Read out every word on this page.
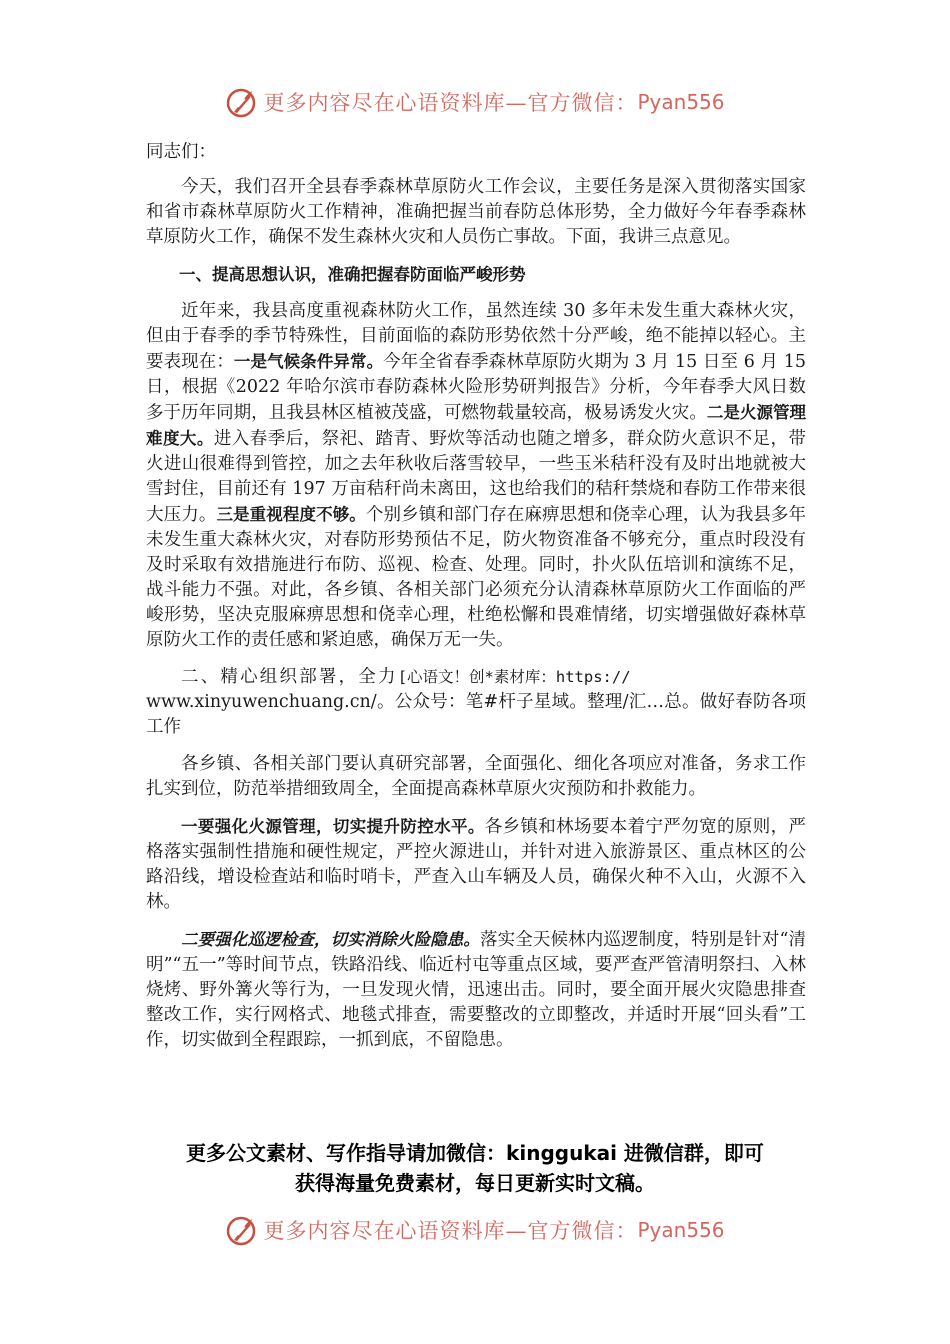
更多内容尽在心语资料库—官方微信： Pyan556

同志们：

今天，我们召开全县春季森林草原防火工作会议，主要任务是深入贯彻落实国家和省市森林草原防火工作精神，准确把握当前春防总体形势，全力做好今年春季森林草原防火工作，确保不发生森林火灾和人员伤亡事故。下面，我讲三点意见。

一、提高思想认识，准确把握春防面临严峻形势

近年来，我县高度重视森林防火工作，虽然连续 30 多年未发生重大森林火灾，但由于春季的季节特殊性，目前面临的森防形势依然十分严峻，绝不能掉以轻心。主要表现在：一是气候条件异常。今年全省春季森林草原防火期为 3 月 15 日至 6 月 15 日，根据《2022 年哈尔滨市春防森林火险形势研判报告》分析，今年春季大风日数多于历年同期，且我县林区植被茂盛，可燃物载量较高，极易诱发火灾。二是火源管理难度大。进入春季后，祭祀、踏青、野炊等活动也随之增多，群众防火意识不足，带火进山很难得到管控，加之去年秋收后落雪较早，一些玉米秸秆没有及时出地就被大雪封住，目前还有 197 万亩秸秆尚未离田，这也给我们的秸秆禁烧和春防工作带来很大压力。三是重视程度不够。个别乡镇和部门存在麻痹思想和侥幸心理，认为我县多年未发生重大森林火灾，对春防形势预估不足，防火物资准备不够充分，重点时段没有及时采取有效措施进行布防、巡视、检查、处理。同时，扑火队伍培训和演练不足，战斗能力不强。对此，各乡镇、各相关部门必须充分认清森林草原防火工作面临的严峻形势，坚决克服麻痹思想和侥幸心理，杜绝松懈和畏难情绪，切实增强做好森林草原防火工作的责任感和紧迫感，确保万无一失。

二、精心组织部署，全力[心语文！创*素材库：https://

www.xinyuwenchuang.cn/。公众号：笔#杆子星域。整理/汇…总。做好春防各项工作

各乡镇、各相关部门要认真研究部署，全面强化、细化各项应对准备，务求工作扎实到位，防范举措细致周全，全面提高森林草原火灾预防和扑救能力。

一要强化火源管理，切实提升防控水平。各乡镇和林场要本着宁严勿宽的原则，严格落实强制性措施和硬性规定，严控火源进山，并针对进入旅游景区、重点林区的公路沿线，增设检查站和临时哨卡，严查入山车辆及人员，确保火种不入山，火源不入林。

二要强化巡逻检查，切实消除火险隐患。落实全天候林内巡逻制度，特别是针对“清明”“五一”等时间节点，铁路沿线、临近村屯等重点区域，要严查严管清明祭扫、入林烧烤、野外篝火等行为，一旦发现火情，迅速出击。同时，要全面开展火灾隐患排查整改工作，实行网格式、地毯式排查，需要整改的立即整改，并适时开展“回头看”工作，切实做到全程跟踪，一抓到底，不留隐患。

更多公文素材、写作指导请加微信：kinggukai 进微信群，即可
获得海量免费素材，每日更新实时文稿。
更多内容尽在心语资料库—官方微信： Pyan556
